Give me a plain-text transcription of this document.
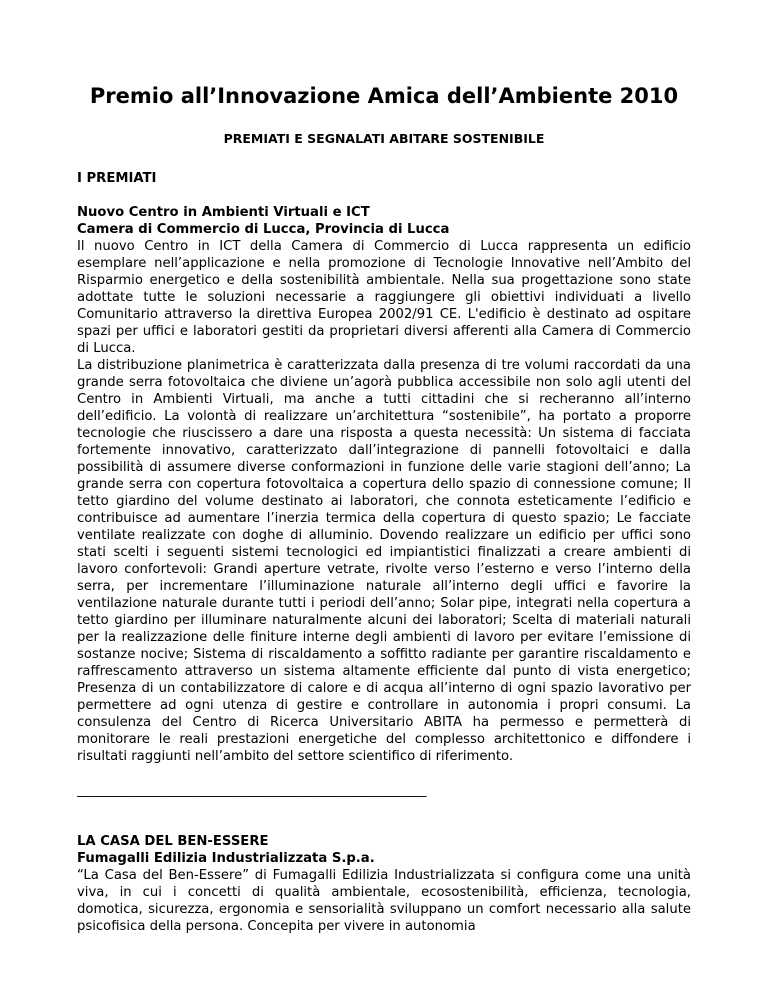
Premio all’Innovazione Amica dell’Ambiente 2010
PREMIATI E SEGNALATI ABITARE SOSTENIBILE

I PREMIATI

Nuovo Centro in Ambienti Virtuali e ICT

Camera di Commercio di Lucca, Provincia di Lucca

Il nuovo Centro in ICT della Camera di Commercio di Lucca rappresenta un edificio esemplare nell’applicazione e nella promozione di Tecnologie Innovative nell’Ambito del Risparmio energetico e della sostenibilità ambientale. Nella sua progettazione sono state adottate tutte le soluzioni necessarie a raggiungere gli obiettivi individuati a livello Comunitario attraverso la direttiva Europea 2002/91 CE. L'edificio è destinato ad ospitare spazi per uffici e laboratori gestiti da proprietari diversi afferenti alla Camera di Commercio di Lucca.

La distribuzione planimetrica è caratterizzata dalla presenza di tre volumi raccordati da una grande serra fotovoltaica che diviene un’agorà pubblica accessibile non solo agli utenti del Centro in Ambienti Virtuali, ma anche a tutti cittadini che si recheranno all’interno dell’edificio. La volontà di realizzare un’architettura “sostenibile”, ha portato a proporre tecnologie che riuscissero a dare una risposta a questa necessità: Un sistema di facciata fortemente innovativo, caratterizzato dall’integrazione di pannelli fotovoltaici e dalla possibilità di assumere diverse conformazioni in funzione delle varie stagioni dell’anno; La grande serra con copertura fotovoltaica a copertura dello spazio di connessione comune; Il tetto giardino del volume destinato ai laboratori, che connota esteticamente l’edificio e contribuisce ad aumentare l’inerzia termica della copertura di questo spazio; Le facciate ventilate realizzate con doghe di alluminio. Dovendo realizzare un edificio per uffici sono stati scelti i seguenti sistemi tecnologici ed impiantistici finalizzati a creare ambienti di lavoro confortevoli: Grandi aperture vetrate, rivolte verso l’esterno e verso l’interno della serra, per incrementare l’illuminazione naturale all’interno degli uffici e favorire la ventilazione naturale durante tutti i periodi dell’anno; Solar pipe, integrati nella copertura a tetto giardino per illuminare naturalmente alcuni dei laboratori; Scelta di materiali naturali per la realizzazione delle finiture interne degli ambienti di lavoro per evitare l’emissione di sostanze nocive; Sistema di riscaldamento a soffitto radiante per garantire riscaldamento e raffrescamento attraverso un sistema altamente efficiente dal punto di vista energetico; Presenza di un contabilizzatore di calore e di acqua all’interno di ogni spazio lavorativo per permettere ad ogni utenza di gestire e controllare in autonomia i propri consumi. La consulenza del Centro di Ricerca Universitario ABITA ha permesso e permetterà di monitorare le reali prestazioni energetiche del complesso architettonico e diffondere i risultati raggiunti nell’ambito del settore scientifico di riferimento.

_____________________________________________________

LA CASA DEL BEN-ESSERE

Fumagalli Edilizia Industrializzata S.p.a.

“La Casa del Ben-Essere” di Fumagalli Edilizia Industrializzata si configura come una unità viva, in cui i concetti di qualità ambientale, ecosostenibilità, efficienza, tecnologia, domotica, sicurezza, ergonomia e sensorialità sviluppano un comfort necessario alla salute psicofisica della persona. Concepita per vivere in autonomia
